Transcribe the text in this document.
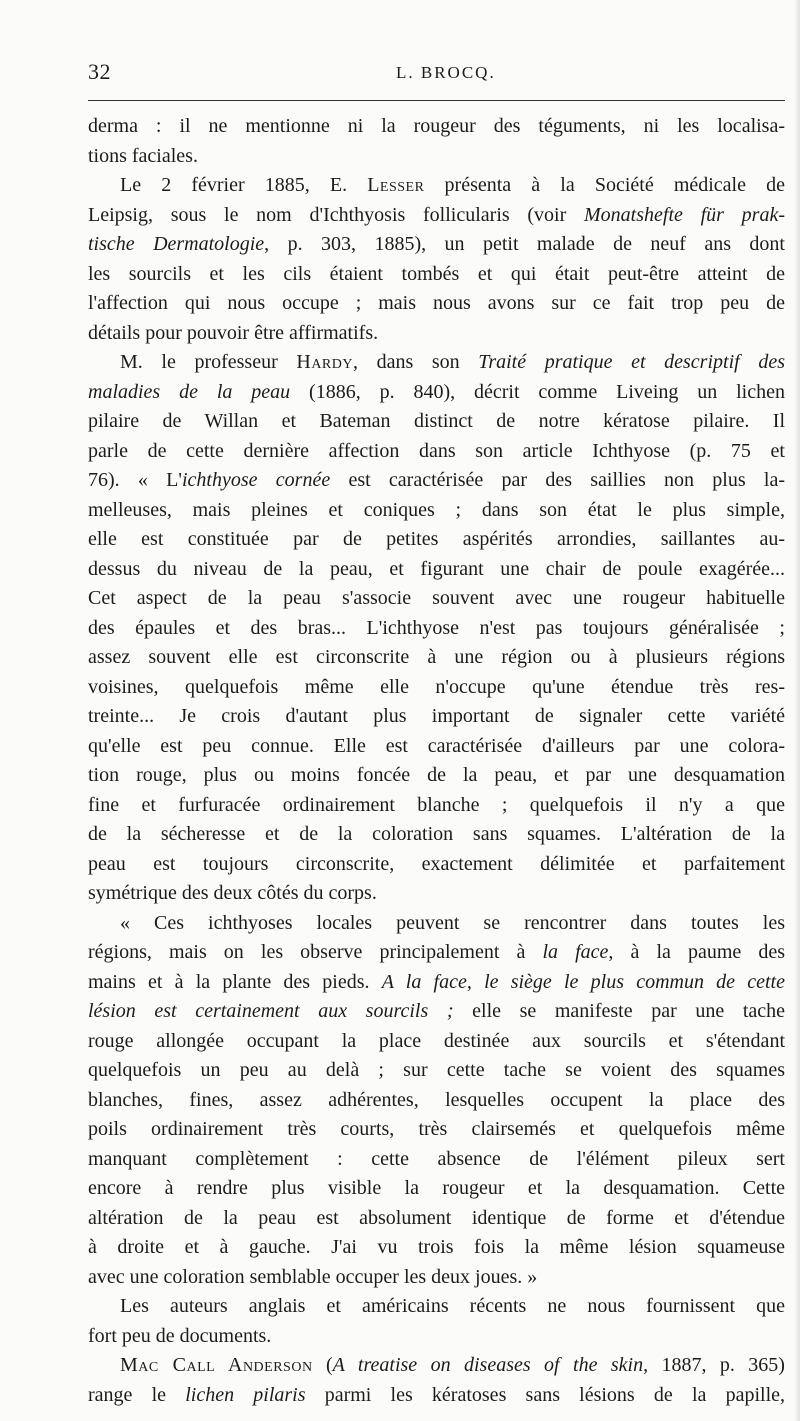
32	L. BROCQ.
derma : il ne mentionne ni la rougeur des téguments, ni les localisa-
tions faciales.
Le 2 février 1885, E. Lesser présenta à la Société médicale de
Leipsig, sous le nom d'Ichthyosis follicularis (voir Monatshefte für prak-
tische Dermatologie, p. 303, 1885), un petit malade de neuf ans dont
les sourcils et les cils étaient tombés et qui était peut-être atteint de
l'affection qui nous occupe ; mais nous avons sur ce fait trop peu de
détails pour pouvoir être affirmatifs.
M. le professeur Hardy, dans son Traité pratique et descriptif des
maladies de la peau (1886, p. 840), décrit comme Liveing un lichen
pilaire de Willan et Bateman distinct de notre kératose pilaire. Il
parle de cette dernière affection dans son article Ichthyose (p. 75 et
76). « L'ichthyose cornée est caractérisée par des saillies non plus la-
melleuses, mais pleines et coniques ; dans son état le plus simple,
elle est constituée par de petites aspérités arrondies, saillantes au-
dessus du niveau de la peau, et figurant une chair de poule exagérée...
Cet aspect de la peau s'associe souvent avec une rougeur habituelle
des épaules et des bras... L'ichthyose n'est pas toujours généralisée ;
assez souvent elle est circonscrite à une région ou à plusieurs régions
voisines, quelquefois même elle n'occupe qu'une étendue très res-
treinte... Je crois d'autant plus important de signaler cette variété
qu'elle est peu connue. Elle est caractérisée d'ailleurs par une colora-
tion rouge, plus ou moins foncée de la peau, et par une desquamation
fine et furfuracée ordinairement blanche ; quelquefois il n'y a que
de la sécheresse et de la coloration sans squames. L'altération de la
peau est toujours circonscrite, exactement délimitée et parfaitement
symétrique des deux côtés du corps.
« Ces ichthyoses locales peuvent se rencontrer dans toutes les
régions, mais on les observe principalement à la face, à la paume des
mains et à la plante des pieds. A la face, le siège le plus commun de cette
lésion est certainement aux sourcils ; elle se manifeste par une tache
rouge allongée occupant la place destinée aux sourcils et s'étendant
quelquefois un peu au delà ; sur cette tache se voient des squames
blanches, fines, assez adhérentes, lesquelles occupent la place des
poils ordinairement très courts, très clairsemés et quelquefois même
manquant complètement : cette absence de l'élément pileux sert
encore à rendre plus visible la rougeur et la desquamation. Cette
altération de la peau est absolument identique de forme et d'étendue
à droite et à gauche. J'ai vu trois fois la même lésion squameuse
avec une coloration semblable occuper les deux joues. »
Les auteurs anglais et américains récents ne nous fournissent que
fort peu de documents.
Mac Call Anderson (A treatise on diseases of the skin, 1887, p. 365)
range le lichen pilaris parmi les kératoses sans lésions de la papille,
